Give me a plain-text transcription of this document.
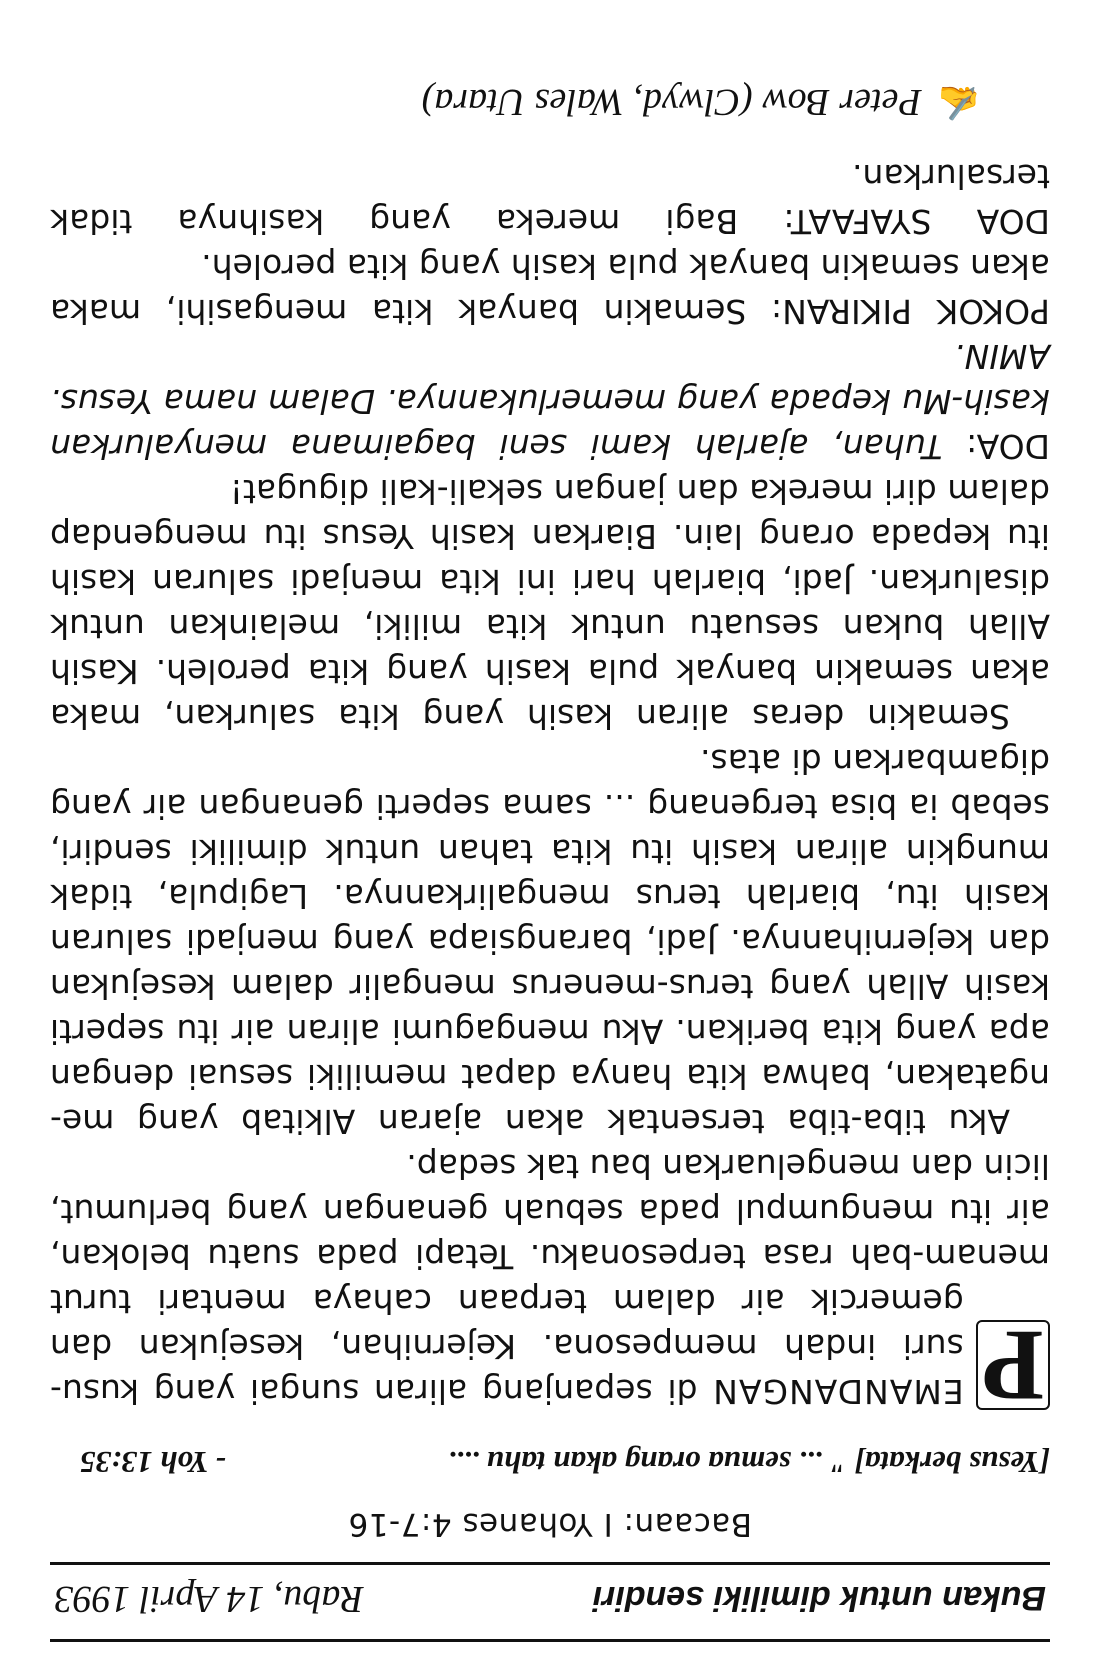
Bukan untuk dimiliki sendiri
Rabu, 14 April 1993
Bacaan: I Yohanes 4:7-16
[Yesus berkata] " ... semua orang akan tahu ....
- Yoh 13:35

P
EMANDANGAN di sepanjang aliran sungai yang kusu-suri indah mempesona. Kejernihan, kesejukan dan gemercik air dalam terpaan cahaya mentari turut menam-bah rasa terpesonaku. Tetapi pada suatu belokan, air itu mengumpul pada sebuah genangan yang berlumut, licin dan mengeluarkan bau tak sedap.

Aku tiba-tiba tersentak akan ajaran Alkitab yang me-ngatakan, bahwa kita hanya dapat memiliki sesuai dengan apa yang kita berikan. Aku mengagumi aliran air itu seperti kasih Allah yang terus-menerus mengalir dalam kesejukan dan kejernihannya. Jadi, barangsiapa yang menjadi saluran kasih itu, biarlah terus mengalirkannya. Lagipula, tidak mungkin aliran kasih itu kita tahan untuk dimiliki sendiri, sebab ia bisa tergenang ... sama seperti genangan air yang digambarkan di atas.

Semakin deras aliran kasih yang kita salurkan, maka akan semakin banyak pula kasih yang kita peroleh. Kasih Allah bukan sesuatu untuk kita miliki, melainkan untuk disalurkan. Jadi, biarlah hari ini kita menjadi saluran kasih itu kepada orang lain. Biarkan kasih Yesus itu mengendap dalam diri mereka dan jangan sekali-kali digugat!

DOA: Tuhan, ajarlah kami seni bagaimana menyalurkan kasih-Mu kepada yang memerlukannya. Dalam nama Yesus. AMIN.

POKOK PIKIRAN: Semakin banyak kita mengasihi, maka akan semakin banyak pula kasih yang kita peroleh.

DOA SYAFAAT: Bagi mereka yang kasihnya tidak tersalurkan.

✍
Peter Bow (Clwyd, Wales Utara)
